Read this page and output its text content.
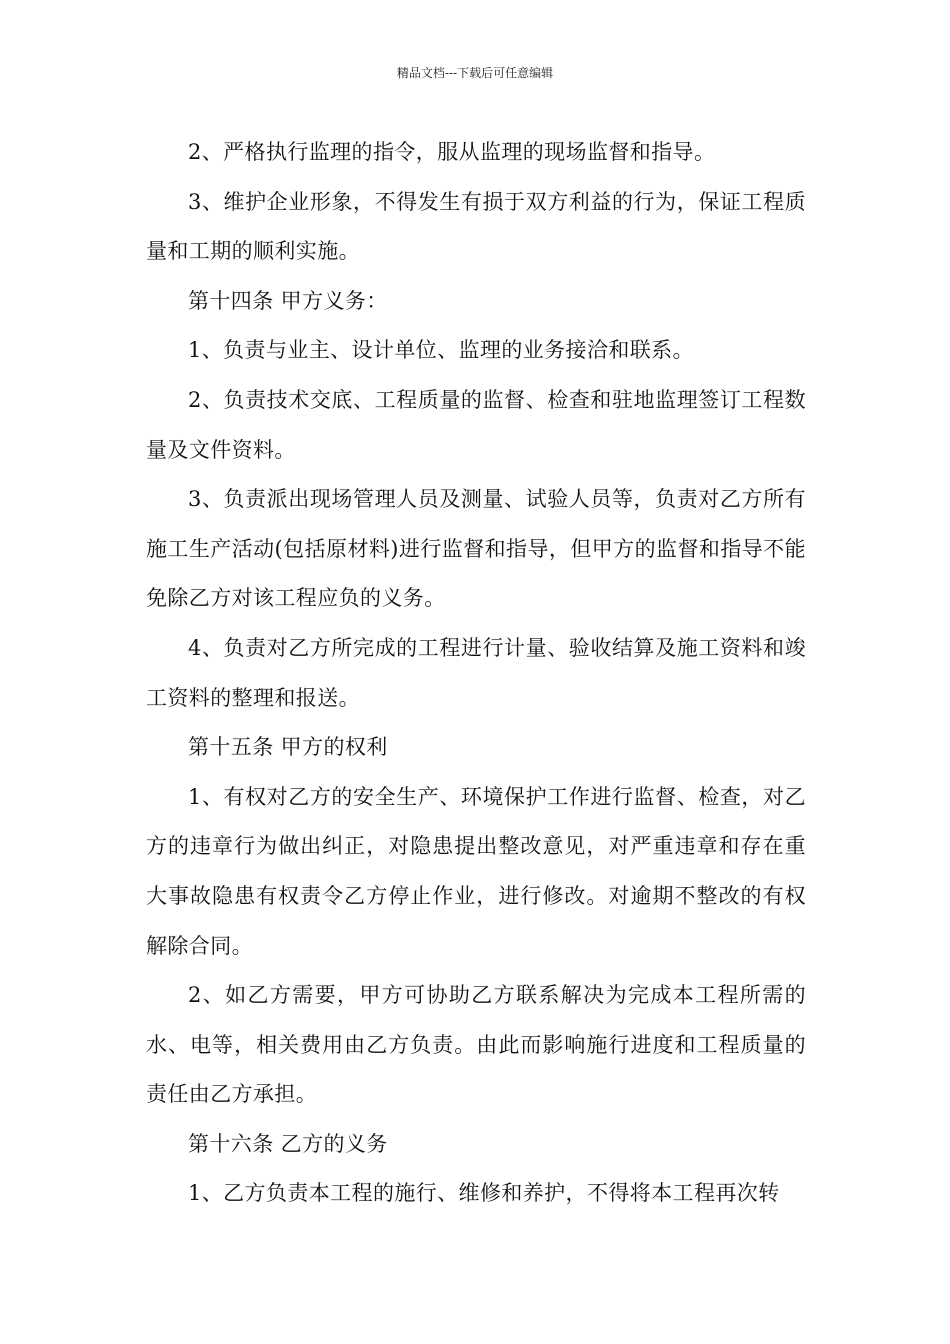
精品文档---下载后可任意编辑

2、严格执行监理的指令，服从监理的现场监督和指导。

3、维护企业形象，不得发生有损于双方利益的行为，保证工程质量和工期的顺利实施。

第十四条 甲方义务：

1、负责与业主、设计单位、监理的业务接洽和联系。

2、负责技术交底、工程质量的监督、检查和驻地监理签订工程数量及文件资料。

3、负责派出现场管理人员及测量、试验人员等，负责对乙方所有施工生产活动(包括原材料)进行监督和指导，但甲方的监督和指导不能免除乙方对该工程应负的义务。

4、负责对乙方所完成的工程进行计量、验收结算及施工资料和竣工资料的整理和报送。

第十五条 甲方的权利

1、有权对乙方的安全生产、环境保护工作进行监督、检查，对乙方的违章行为做出纠正，对隐患提出整改意见，对严重违章和存在重大事故隐患有权责令乙方停止作业，进行修改。对逾期不整改的有权解除合同。

2、如乙方需要，甲方可协助乙方联系解决为完成本工程所需的水、电等，相关费用由乙方负责。由此而影响施行进度和工程质量的责任由乙方承担。

第十六条 乙方的义务

1、乙方负责本工程的施行、维修和养护，不得将本工程再次转
